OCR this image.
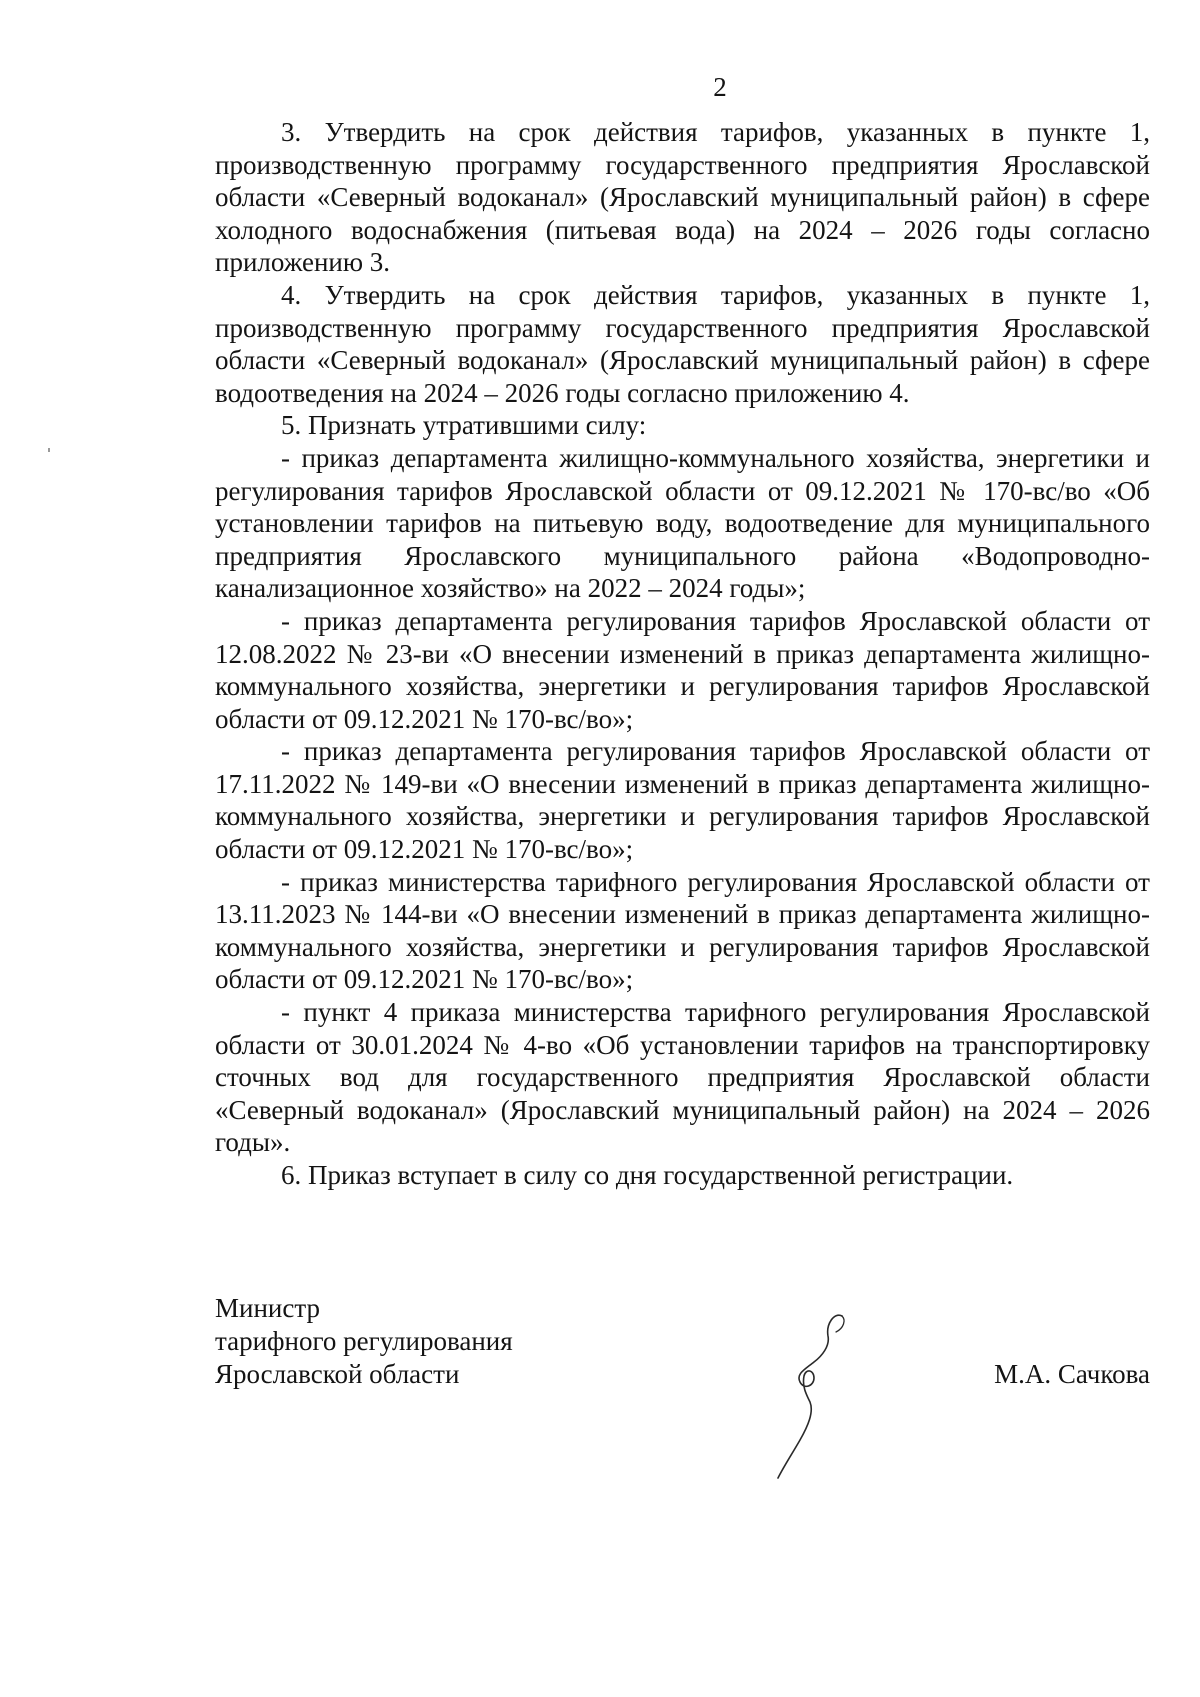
2

3. Утвердить на срок действия тарифов, указанных в пункте 1, производственную программу государственного предприятия Ярославской области «Северный водоканал» (Ярославский муниципальный район) в сфере холодного водоснабжения (питьевая вода) на 2024 – 2026 годы согласно приложению 3.

4. Утвердить на срок действия тарифов, указанных в пункте 1, производственную программу государственного предприятия Ярославской области «Северный водоканал» (Ярославский муниципальный район) в сфере водоотведения на 2024 – 2026 годы согласно приложению 4.

5. Признать утратившими силу:

- приказ департамента жилищно-коммунального хозяйства, энергетики и регулирования тарифов Ярославской области от 09.12.2021 № 170-вс/во «Об установлении тарифов на питьевую воду, водоотведение для муниципального предприятия Ярославского муниципального района «Водопроводно-канализационное хозяйство» на 2022 – 2024 годы»;

- приказ департамента регулирования тарифов Ярославской области от 12.08.2022 № 23-ви «О внесении изменений в приказ департамента жилищно-коммунального хозяйства, энергетики и регулирования тарифов Ярославской области от 09.12.2021 № 170-вс/во»;

- приказ департамента регулирования тарифов Ярославской области от 17.11.2022 № 149-ви «О внесении изменений в приказ департамента жилищно-коммунального хозяйства, энергетики и регулирования тарифов Ярославской области от 09.12.2021 № 170-вс/во»;

- приказ министерства тарифного регулирования Ярославской области от 13.11.2023 № 144-ви «О внесении изменений в приказ департамента жилищно-коммунального хозяйства, энергетики и регулирования тарифов Ярославской области от 09.12.2021 № 170-вс/во»;

- пункт 4 приказа министерства тарифного регулирования Ярославской области от 30.01.2024 № 4-во «Об установлении тарифов на транспортировку сточных вод для государственного предприятия Ярославской области «Северный водоканал» (Ярославский муниципальный район) на 2024 – 2026 годы».

6. Приказ вступает в силу со дня государственной регистрации.

Министр
тарифного регулирования
Ярославской области	М.А. Сачкова
